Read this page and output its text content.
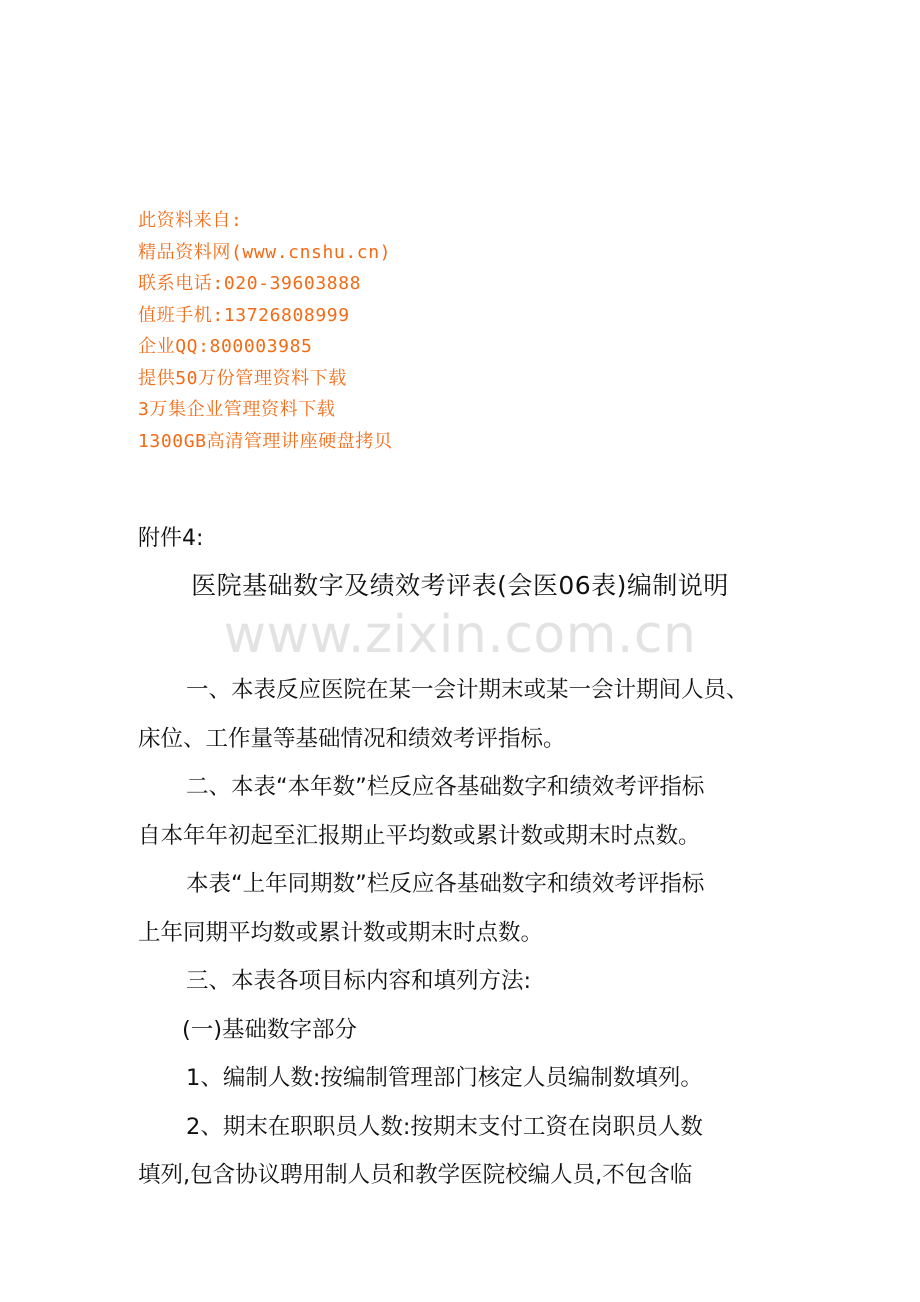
此资料来自:
精品资料网(www.cnshu.cn)
联系电话:020-39603888
值班手机:13726808999
企业QQ:800003985
提供50万份管理资料下载
3万集企业管理资料下载
1300GB高清管理讲座硬盘拷贝
附件4:
医院基础数字及绩效考评表(会医06表)编制说明
www.zixin.com.cn
一、本表反应医院在某一会计期末或某一会计期间人员、
床位、工作量等基础情况和绩效考评指标。
二、本表“本年数”栏反应各基础数字和绩效考评指标
自本年年初起至汇报期止平均数或累计数或期末时点数。
本表“上年同期数”栏反应各基础数字和绩效考评指标
上年同期平均数或累计数或期末时点数。
三、本表各项目标内容和填列方法:
(一)基础数字部分
1、编制人数:按编制管理部门核定人员编制数填列。
2、期末在职职员人数:按期末支付工资在岗职员人数
填列,包含协议聘用制人员和教学医院校编人员,不包含临
